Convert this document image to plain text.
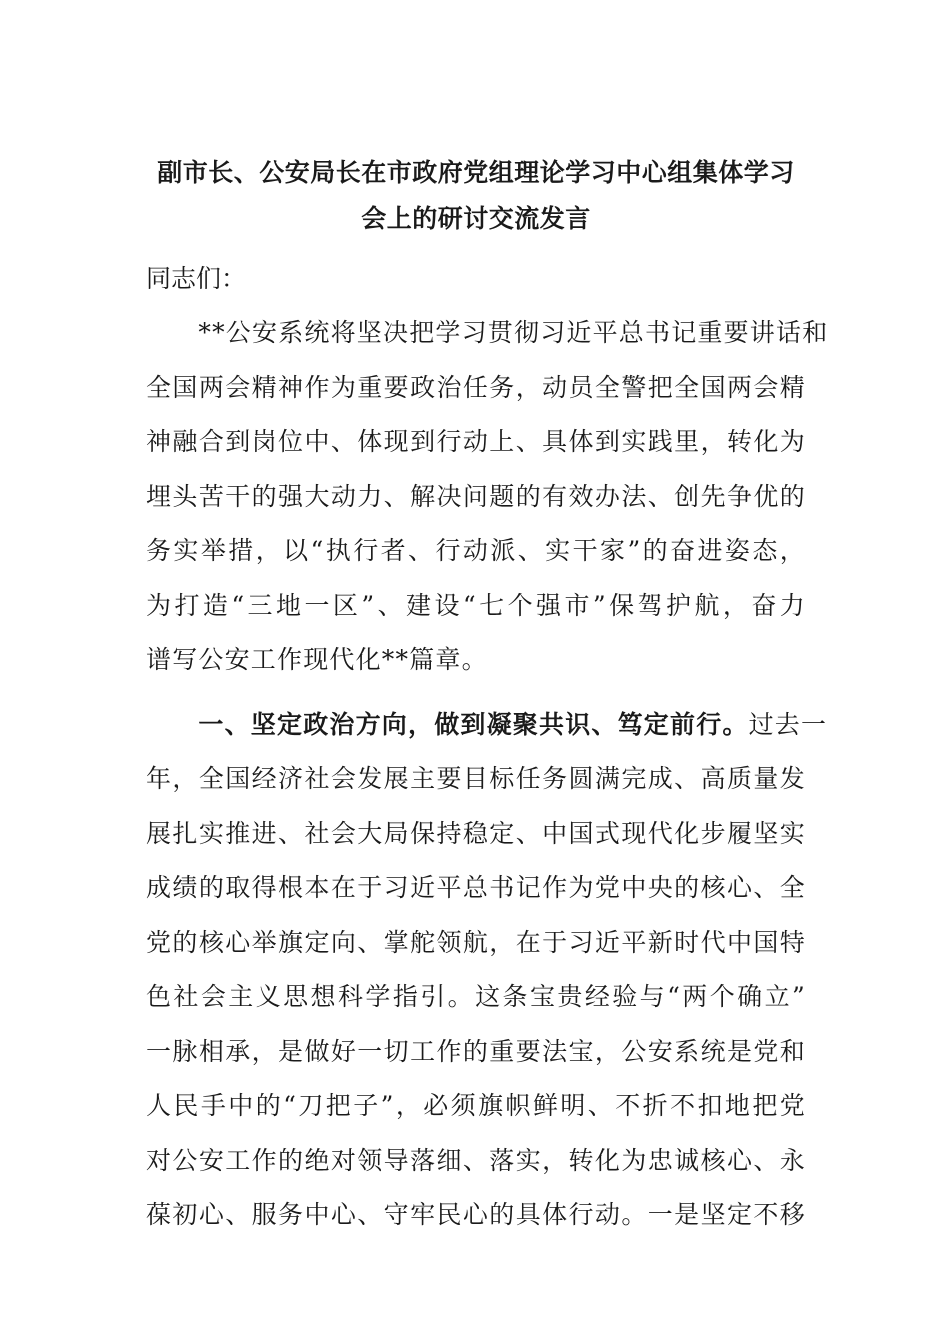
副市长、公安局长在市政府党组理论学习中心组集体学习
会上的研讨交流发言

同志们：

　　**公安系统将坚决把学习贯彻习近平总书记重要讲话和
全国两会精神作为重要政治任务，动员全警把全国两会精
神融合到岗位中、体现到行动上、具体到实践里，转化为
埋头苦干的强大动力、解决问题的有效办法、创先争优的
务实举措，以“执行者、行动派、实干家”的奋进姿态，
为打造“三地一区”、建设“七个强市”保驾护航，奋力
谱写公安工作现代化**篇章。
　　一、坚定政治方向，做到凝聚共识、笃定前行。过去一
年，全国经济社会发展主要目标任务圆满完成、高质量发
展扎实推进、社会大局保持稳定、中国式现代化步履坚实
成绩的取得根本在于习近平总书记作为党中央的核心、全
党的核心举旗定向、掌舵领航，在于习近平新时代中国特
色社会主义思想科学指引。这条宝贵经验与“两个确立”
一脉相承，是做好一切工作的重要法宝，公安系统是党和
人民手中的“刀把子”，必须旗帜鲜明、不折不扣地把党
对公安工作的绝对领导落细、落实，转化为忠诚核心、永
葆初心、服务中心、守牢民心的具体行动。一是坚定不移
